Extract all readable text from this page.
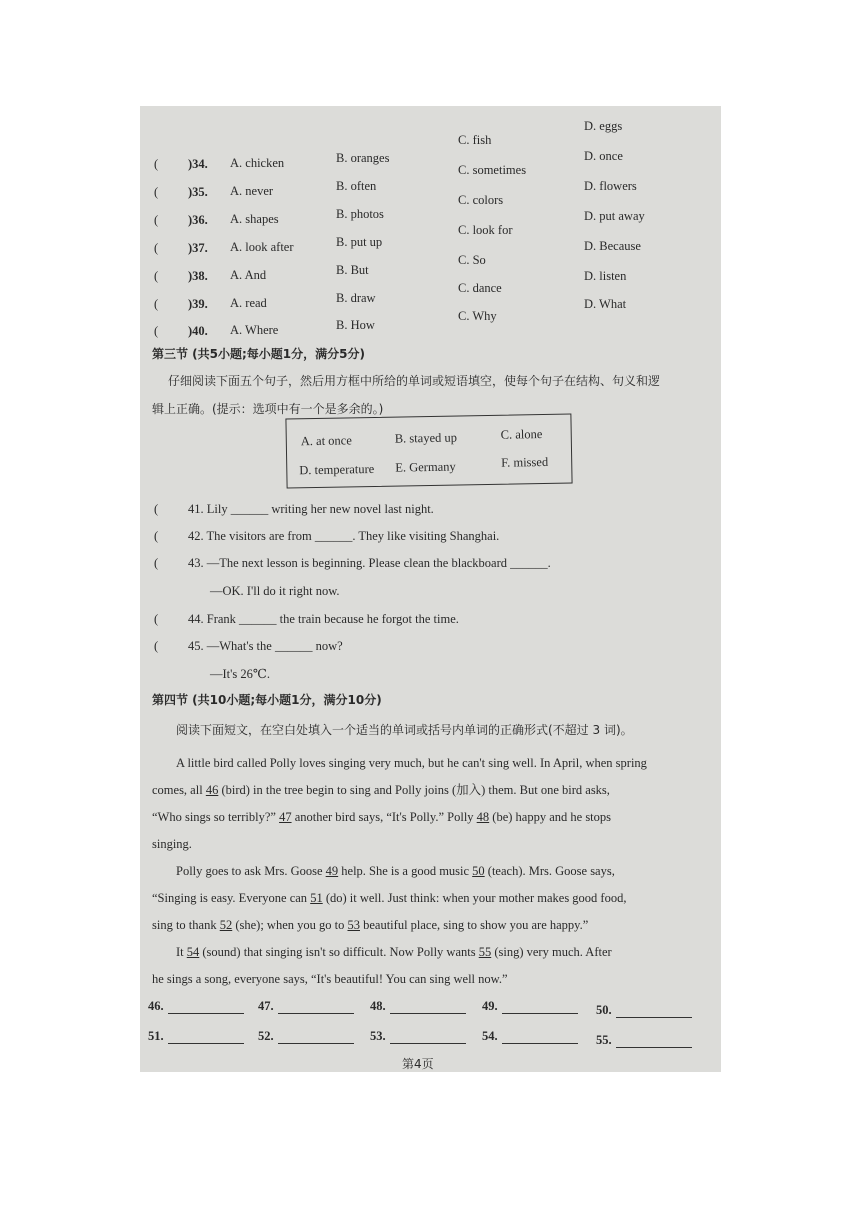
( )34. A. chicken	B. oranges
C. fish
D. eggs
( )35. A. never	B. often
C. sometimes
D. once
( )36. A. shapes	B. photos
C. colors
D. flowers
( )37. A. look after	B. put up
C. look for
D. put away
( )38. A. And	B. But
C. So
D. Because
( )39. A. read	B. draw
C. dance
D. listen
( )40. A. Where	B. How
C. Why
D. What
第三节 (共5小题;每小题1分，满分5分)
仔细阅读下面五个句子，然后用方框中所给的单词或短语填空，使每个句子在结构、句义和逻
辑上正确。(提示：选项中有一个是多余的。)
A. at once	B. stayed up	C. alone
D. temperature E. Germany	F. missed
( 41. Lily ______ writing her new novel last night.
( 42. The visitors are from ______. They like visiting Shanghai.
( 43. —The next lesson is beginning. Please clean the blackboard ______.
—OK. I'll do it right now.
( 44. Frank ______ the train because he forgot the time.
( 45. —What's the ______ now?
—It's 26℃.
第四节 (共10小题;每小题1分，满分10分)
阅读下面短文，在空白处填入一个适当的单词或括号内单词的正确形式(不超过 3 词)。
A little bird called Polly loves singing very much, but he can't sing well. In April, when spring
comes, all 46 (bird) in the tree begin to sing and Polly joins (加入) them. But one bird asks,
“Who sings so terribly?” 47 another bird says, “It's Polly.” Polly 48 (be) happy and he stops
singing.
Polly goes to ask Mrs. Goose 49 help. She is a good music 50 (teach). Mrs. Goose says,
“Singing is easy. Everyone can 51 (do) it well. Just think: when your mother makes good food,
sing to thank 52 (she); when you go to 53 beautiful place, sing to show you are happy.”
It 54 (sound) that singing isn't so difficult. Now Polly wants 55 (sing) very much. After
he sings a song, everyone says, “It's beautiful! You can sing well now.”
46.	47.	48.	49.	50.
51.	52.	53.	54.	55.
第4页
